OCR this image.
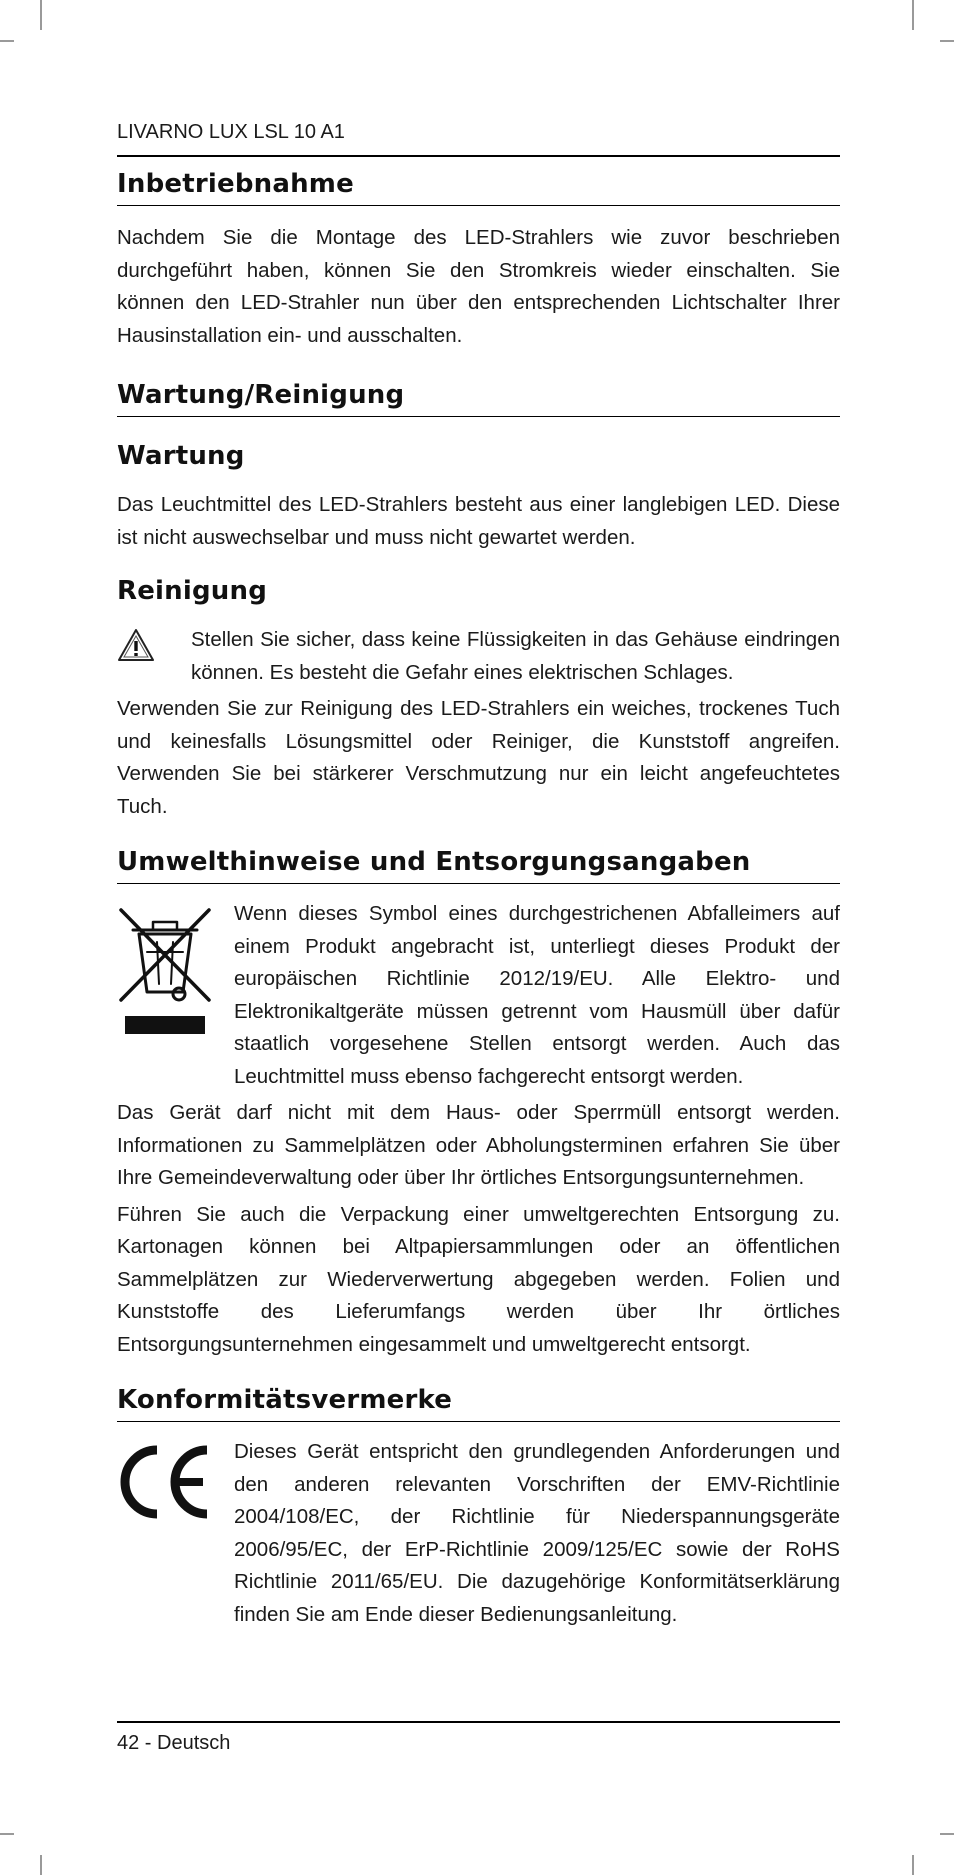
LIVARNO LUX LSL 10 A1
Inbetriebnahme

Nachdem Sie die Montage des LED-Strahlers wie zuvor beschrieben durchgeführt haben, können Sie den Stromkreis wieder einschalten. Sie können den LED-Strahler nun über den entsprechenden Lichtschalter Ihrer Hausinstallation ein- und ausschalten.

Wartung/Reinigung
Wartung

Das Leuchtmittel des LED-Strahlers besteht aus einer langlebigen LED. Diese ist nicht auswechselbar und muss nicht gewartet werden.

Reinigung

Stellen Sie sicher, dass keine Flüssigkeiten in das Gehäuse eindringen können. Es besteht die Gefahr eines elektrischen Schlages.

Verwenden Sie zur Reinigung des LED-Strahlers ein weiches, trockenes Tuch und keinesfalls Lösungsmittel oder Reiniger, die Kunststoff angreifen. Verwenden Sie bei stärkerer Verschmutzung nur ein leicht angefeuchtetes Tuch.

Umwelthinweise und Entsorgungsangaben

Wenn dieses Symbol eines durchgestrichenen Abfalleimers auf einem Produkt angebracht ist, unterliegt dieses Produkt der europäischen Richtlinie 2012/19/EU. Alle Elektro- und Elektronikaltgeräte müssen getrennt vom Hausmüll über dafür staatlich vorgesehene Stellen entsorgt werden. Auch das Leuchtmittel muss ebenso fachgerecht entsorgt werden.

Das Gerät darf nicht mit dem Haus- oder Sperrmüll entsorgt werden. Informationen zu Sammelplätzen oder Abholungsterminen erfahren Sie über Ihre Gemeindeverwaltung oder über Ihr örtliches Entsorgungsunternehmen.

Führen Sie auch die Verpackung einer umweltgerechten Entsorgung zu. Kartonagen können bei Altpapiersammlungen oder an öffentlichen Sammelplätzen zur Wiederverwertung abgegeben werden. Folien und Kunststoffe des Lieferumfangs werden über Ihr örtliches Entsorgungsunternehmen eingesammelt und umweltgerecht entsorgt.

Konformitätsvermerke

Dieses Gerät entspricht den grundlegenden Anforderungen und den anderen relevanten Vorschriften der EMV-Richtlinie 2004/108/EC, der Richtlinie für Niederspannungsgeräte 2006/95/EC, der ErP-Richtlinie 2009/125/EC sowie der RoHS Richtlinie 2011/65/EU. Die dazugehörige Konformitätserklärung finden Sie am Ende dieser Bedienungsanleitung.

42 - Deutsch
